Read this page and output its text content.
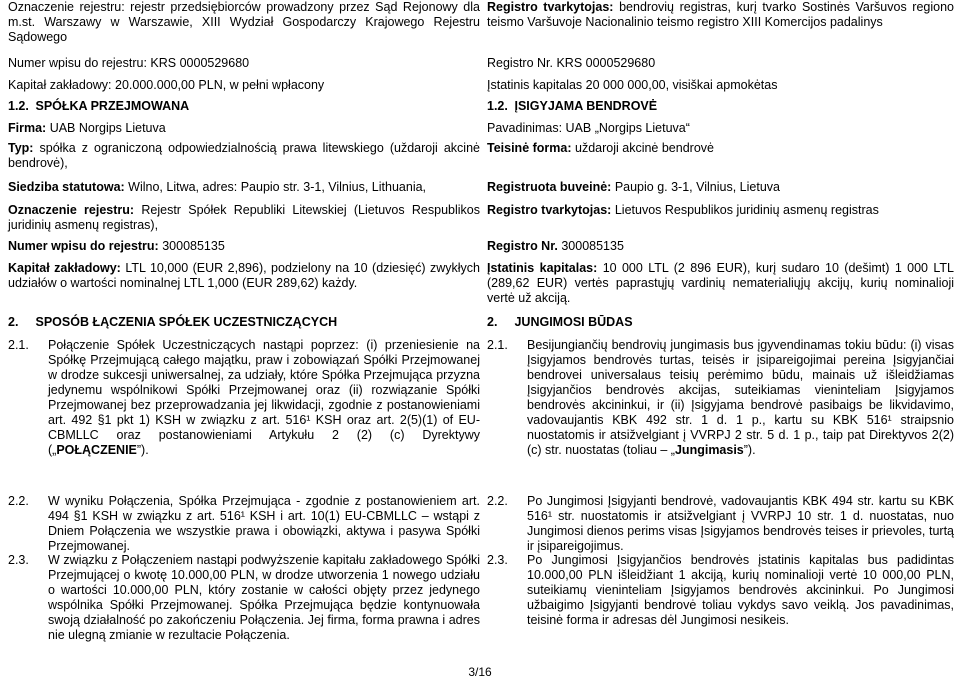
Oznaczenie rejestru: rejestr przedsiębiorców prowadzony przez Sąd Rejonowy dla m.st. Warszawy w Warszawie, XIII Wydział Gospodarczy Krajowego Rejestru Sądowego
Numer wpisu do rejestru: KRS 0000529680
Kapitał zakładowy: 20.000.000,00 PLN, w pełni wpłacony
1.2. SPÓŁKA PRZEJMOWANA
Firma: UAB Norgips Lietuva
Typ: spółka z ograniczoną odpowiedzialnością prawa litewskiego (uždaroji akcinė bendrovė),
Siedziba statutowa: Wilno, Litwa, adres: Paupio str. 3-1, Vilnius, Lithuania,
Oznaczenie rejestru: Rejestr Spółek Republiki Litewskiej (Lietuvos Respublikos juridinių asmenų registras),
Numer wpisu do rejestru: 300085135
Kapitał zakładowy: LTL 10,000 (EUR 2,896), podzielony na 10 (dziesięć) zwykłych udziałów o wartości nominalnej LTL 1,000 (EUR 289,62) każdy.
2. SPOSÓB ŁĄCZENIA SPÓŁEK UCZESTNICZĄCYCH
2.1. Połączenie Spółek Uczestniczących nastąpi poprzez: (i) przeniesienie na Spółkę Przejmującą całego majątku, praw i zobowiązań Spółki Przejmowanej w drodze sukcesji uniwersalnej, za udziały, które Spółka Przejmująca przyzna jedynemu wspólnikowi Spółki Przejmowanej oraz (ii) rozwiązanie Spółki Przejmowanej bez przeprowadzania jej likwidacji, zgodnie z postanowieniami art. 492 §1 pkt 1) KSH w związku z art. 516¹ KSH oraz art. 2(5)(1) of EU-CBMLLC oraz postanowieniami Artykułu 2 (2) (c) Dyrektywy („POŁĄCZENIE”).
2.2. W wyniku Połączenia, Spółka Przejmująca - zgodnie z postanowieniem art. 494 §1 KSH w związku z art. 516¹ KSH i art. 10(1) EU-CBMLLC – wstąpi z Dniem Połączenia we wszystkie prawa i obowiązki, aktywa i pasywa Spółki Przejmowanej.
2.3. W związku z Połączeniem nastąpi podwyższenie kapitału zakładowego Spółki Przejmującej o kwotę 10.000,00 PLN, w drodze utworzenia 1 nowego udziału o wartości 10.000,00 PLN, który zostanie w całości objęty przez jedynego wspólnika Spółki Przejmowanej. Spółka Przejmująca będzie kontynuowała swoją działalność po zakończeniu Połączenia. Jej firma, forma prawna i adres nie ulegną zmianie w rezultacie Połączenia.
Registro tvarkytojas: bendrovių registras, kurį tvarko Sostinės Varšuvos regiono teismo Varšuvoje Nacionalinio teismo registro XIII Komercijos padalinys
Registro Nr. KRS 0000529680
Įstatinis kapitalas 20 000 000,00, visiškai apmokėtas
1.2. ĮSIGYJAMA BENDROVĖ
Pavadinimas: UAB „Norgips Lietuva“
Teisinė forma: uždaroji akcinė bendrovė
Registruota buveinė: Paupio g. 3-1, Vilnius, Lietuva
Registro tvarkytojas: Lietuvos Respublikos juridinių asmenų registras
Registro Nr. 300085135
Įstatinis kapitalas: 10 000 LTL (2 896 EUR), kurį sudaro 10 (dešimt) 1 000 LTL (289,62 EUR) vertės paprastųjų vardinių nematerialiųjų akcijų, kurių nominalioji vertė už akciją.
2. JUNGIMOSI BŪDAS
2.1. Besijungiančių bendrovių jungimasis bus įgyvendinamas tokiu būdu: (i) visas Įsigyjamos bendrovės turtas, teisės ir įsipareigojimai pereina Įsigyjančiai bendrovei universalaus teisių perėmimo būdu, mainais už išleidžiamas Įsigyjančios bendrovės akcijas, suteikiamas vieninteliam Įsigyjamos bendrovės akcininkui, ir (ii) Įsigyjama bendrovė pasibaigs be likvidavimo, vadovaujantis KBK 492 str. 1 d. 1 p., kartu su KBK 516¹ straipsnio nuostatomis ir atsižvelgiant į VVRPJ 2 str. 5 d. 1 p., taip pat Direktyvos 2(2)(c) str. nuostatas (toliau – „Jungimasis”).
2.2. Po Jungimosi Įsigyjanti bendrovė, vadovaujantis KBK 494 str. kartu su KBK 516¹ str. nuostatomis ir atsižvelgiant į VVRPJ 10 str. 1 d. nuostatas, nuo Jungimosi dienos perims visas Įsigyjamos bendrovės teises ir prievoles, turtą ir įsipareigojimus.
2.3. Po Jungimosi Įsigyjančios bendrovės įstatinis kapitalas bus padidintas 10.000,00 PLN išleidžiant 1 akciją, kurių nominalioji vertė 10 000,00 PLN, suteikiamų vieninteliam Įsigyjamos bendrovės akcininkui. Po Jungimosi užbaigimo Įsigyjanti bendrovė toliau vykdys savo veiklą. Jos pavadinimas, teisinė forma ir adresas dėl Jungimosi nesikeis.
3/16
